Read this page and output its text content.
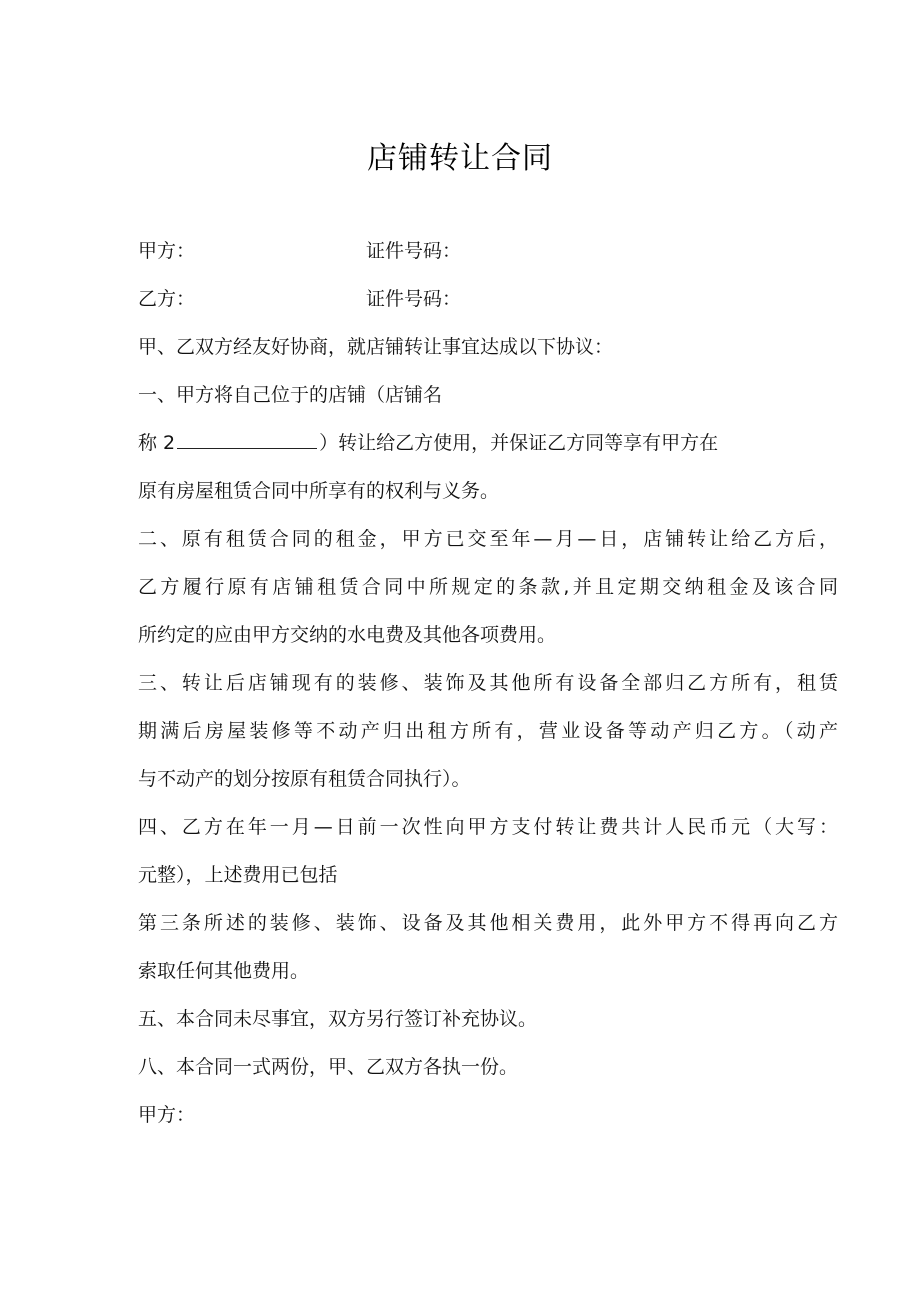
店铺转让合同
甲方：	证件号码：
乙方：	证件号码：
甲、乙双方经友好协商，就店铺转让事宜达成以下协议：
一、甲方将自己位于的店铺（店铺名
称 2	）转让给乙方使用，并保证乙方同等享有甲方在
原有房屋租赁合同中所享有的权利与义务。
二、原有租赁合同的租金，甲方已交至年—月—日，店铺转让给乙方后，
乙方履行原有店铺租赁合同中所规定的条款,并且定期交纳租金及该合同
所约定的应由甲方交纳的水电费及其他各项费用。
三、转让后店铺现有的装修、装饰及其他所有设备全部归乙方所有，租赁
期满后房屋装修等不动产归出租方所有，营业设备等动产归乙方。（动产
与不动产的划分按原有租赁合同执行）。
四、乙方在年一月—日前一次性向甲方支付转让费共计人民币元（大写：
元整），上述费用已包括
第三条所述的装修、装饰、设备及其他相关费用，此外甲方不得再向乙方
索取任何其他费用。
五、本合同未尽事宜，双方另行签订补充协议。
八、本合同一式两份，甲、乙双方各执一份。
甲方：
